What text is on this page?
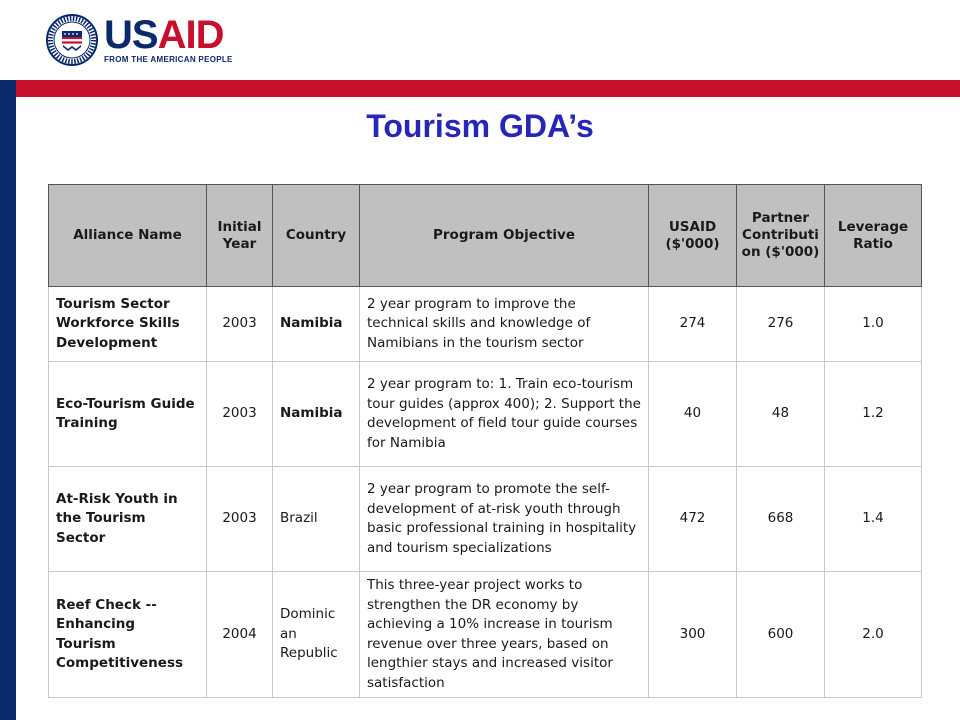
USAID
FROM THE AMERICAN PEOPLE
Tourism GDA’s
Alliance Name	Initial Year	Country	Program Objective	USAID ($'000)	Partner Contributi on ($'000)	Leverage Ratio
Tourism Sector Workforce Skills Development	2003	Namibia	2 year program to improve the technical skills and knowledge of Namibians in the tourism sector	274	276	1.0
Eco-Tourism Guide Training	2003	Namibia	2 year program to: 1. Train eco-tourism tour guides (approx 400); 2. Support the development of field tour guide courses for Namibia	40	48	1.2
At-Risk Youth in the Tourism Sector	2003	Brazil	2 year program to promote the self-development of at-risk youth through basic professional training in hospitality and tourism specializations	472	668	1.4
Reef Check -- Enhancing Tourism Competitiveness	2004	Dominic an Republic	This three-year project works to strengthen the DR economy by achieving a 10% increase in tourism revenue over three years, based on lengthier stays and increased visitor satisfaction	300	600	2.0
